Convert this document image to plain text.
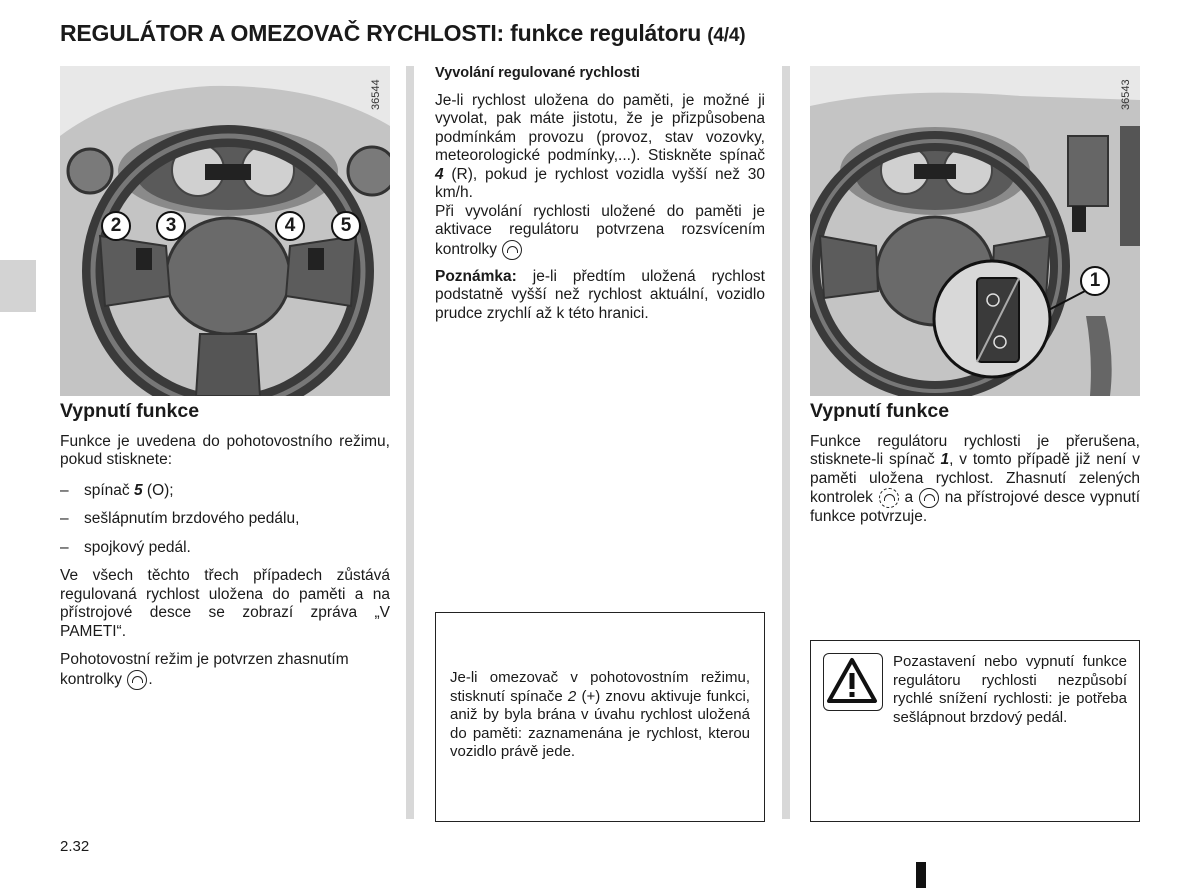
REGULÁTOR A OMEZOVAČ RYCHLOSTI: funkce regulátoru (4/4)
2	3	4	5
36544
1
36543
Vypnutí funkce

Funkce je uvedena do pohotovostního režimu, pokud stisknete:

– spínač 5 (O);
– sešlápnutím brzdového pedálu,
– spojkový pedál.

Ve všech těchto třech případech zůstává regulovaná rychlost uložena do paměti a na přístrojové desce se zobrazí zpráva „V PAMETI“.

Pohotovostní režim je potvrzen zhasnutím kontrolky .

Vyvolání regulované rychlosti

Je-li rychlost uložena do paměti, je možné ji vyvolat, pak máte jistotu, že je přizpůsobena podmínkám provozu (provoz, stav vozovky, meteorologické podmínky,...). Stiskněte spínač 4 (R), pokud je rychlost vozidla vyšší než 30 km/h.

Při vyvolání rychlosti uložené do paměti je aktivace regulátoru potvrzena rozsvícením kontrolky

Poznámka: je-li předtím uložená rychlost podstatně vyšší než rychlost aktuální, vozidlo prudce zrychlí až k této hranici.

Je-li omezovač v pohotovostním režimu, stisknutí spínače 2 (+) znovu aktivuje funkci, aniž by byla brána v úvahu rychlost uložená do paměti: zaznamenána je rychlost, kterou vozidlo právě jede.

Vypnutí funkce

Funkce regulátoru rychlosti je přerušena, stisknete-li spínač 1, v tomto případě již není v paměti uložena rychlost. Zhasnutí zelených kontrolek  a  na přístrojové desce vypnutí funkce potvrzuje.

Pozastavení nebo vypnutí funkce regulátoru rychlosti nezpůsobí rychlé snížení rychlosti: je potřeba sešlápnout brzdový pedál.

2.32
